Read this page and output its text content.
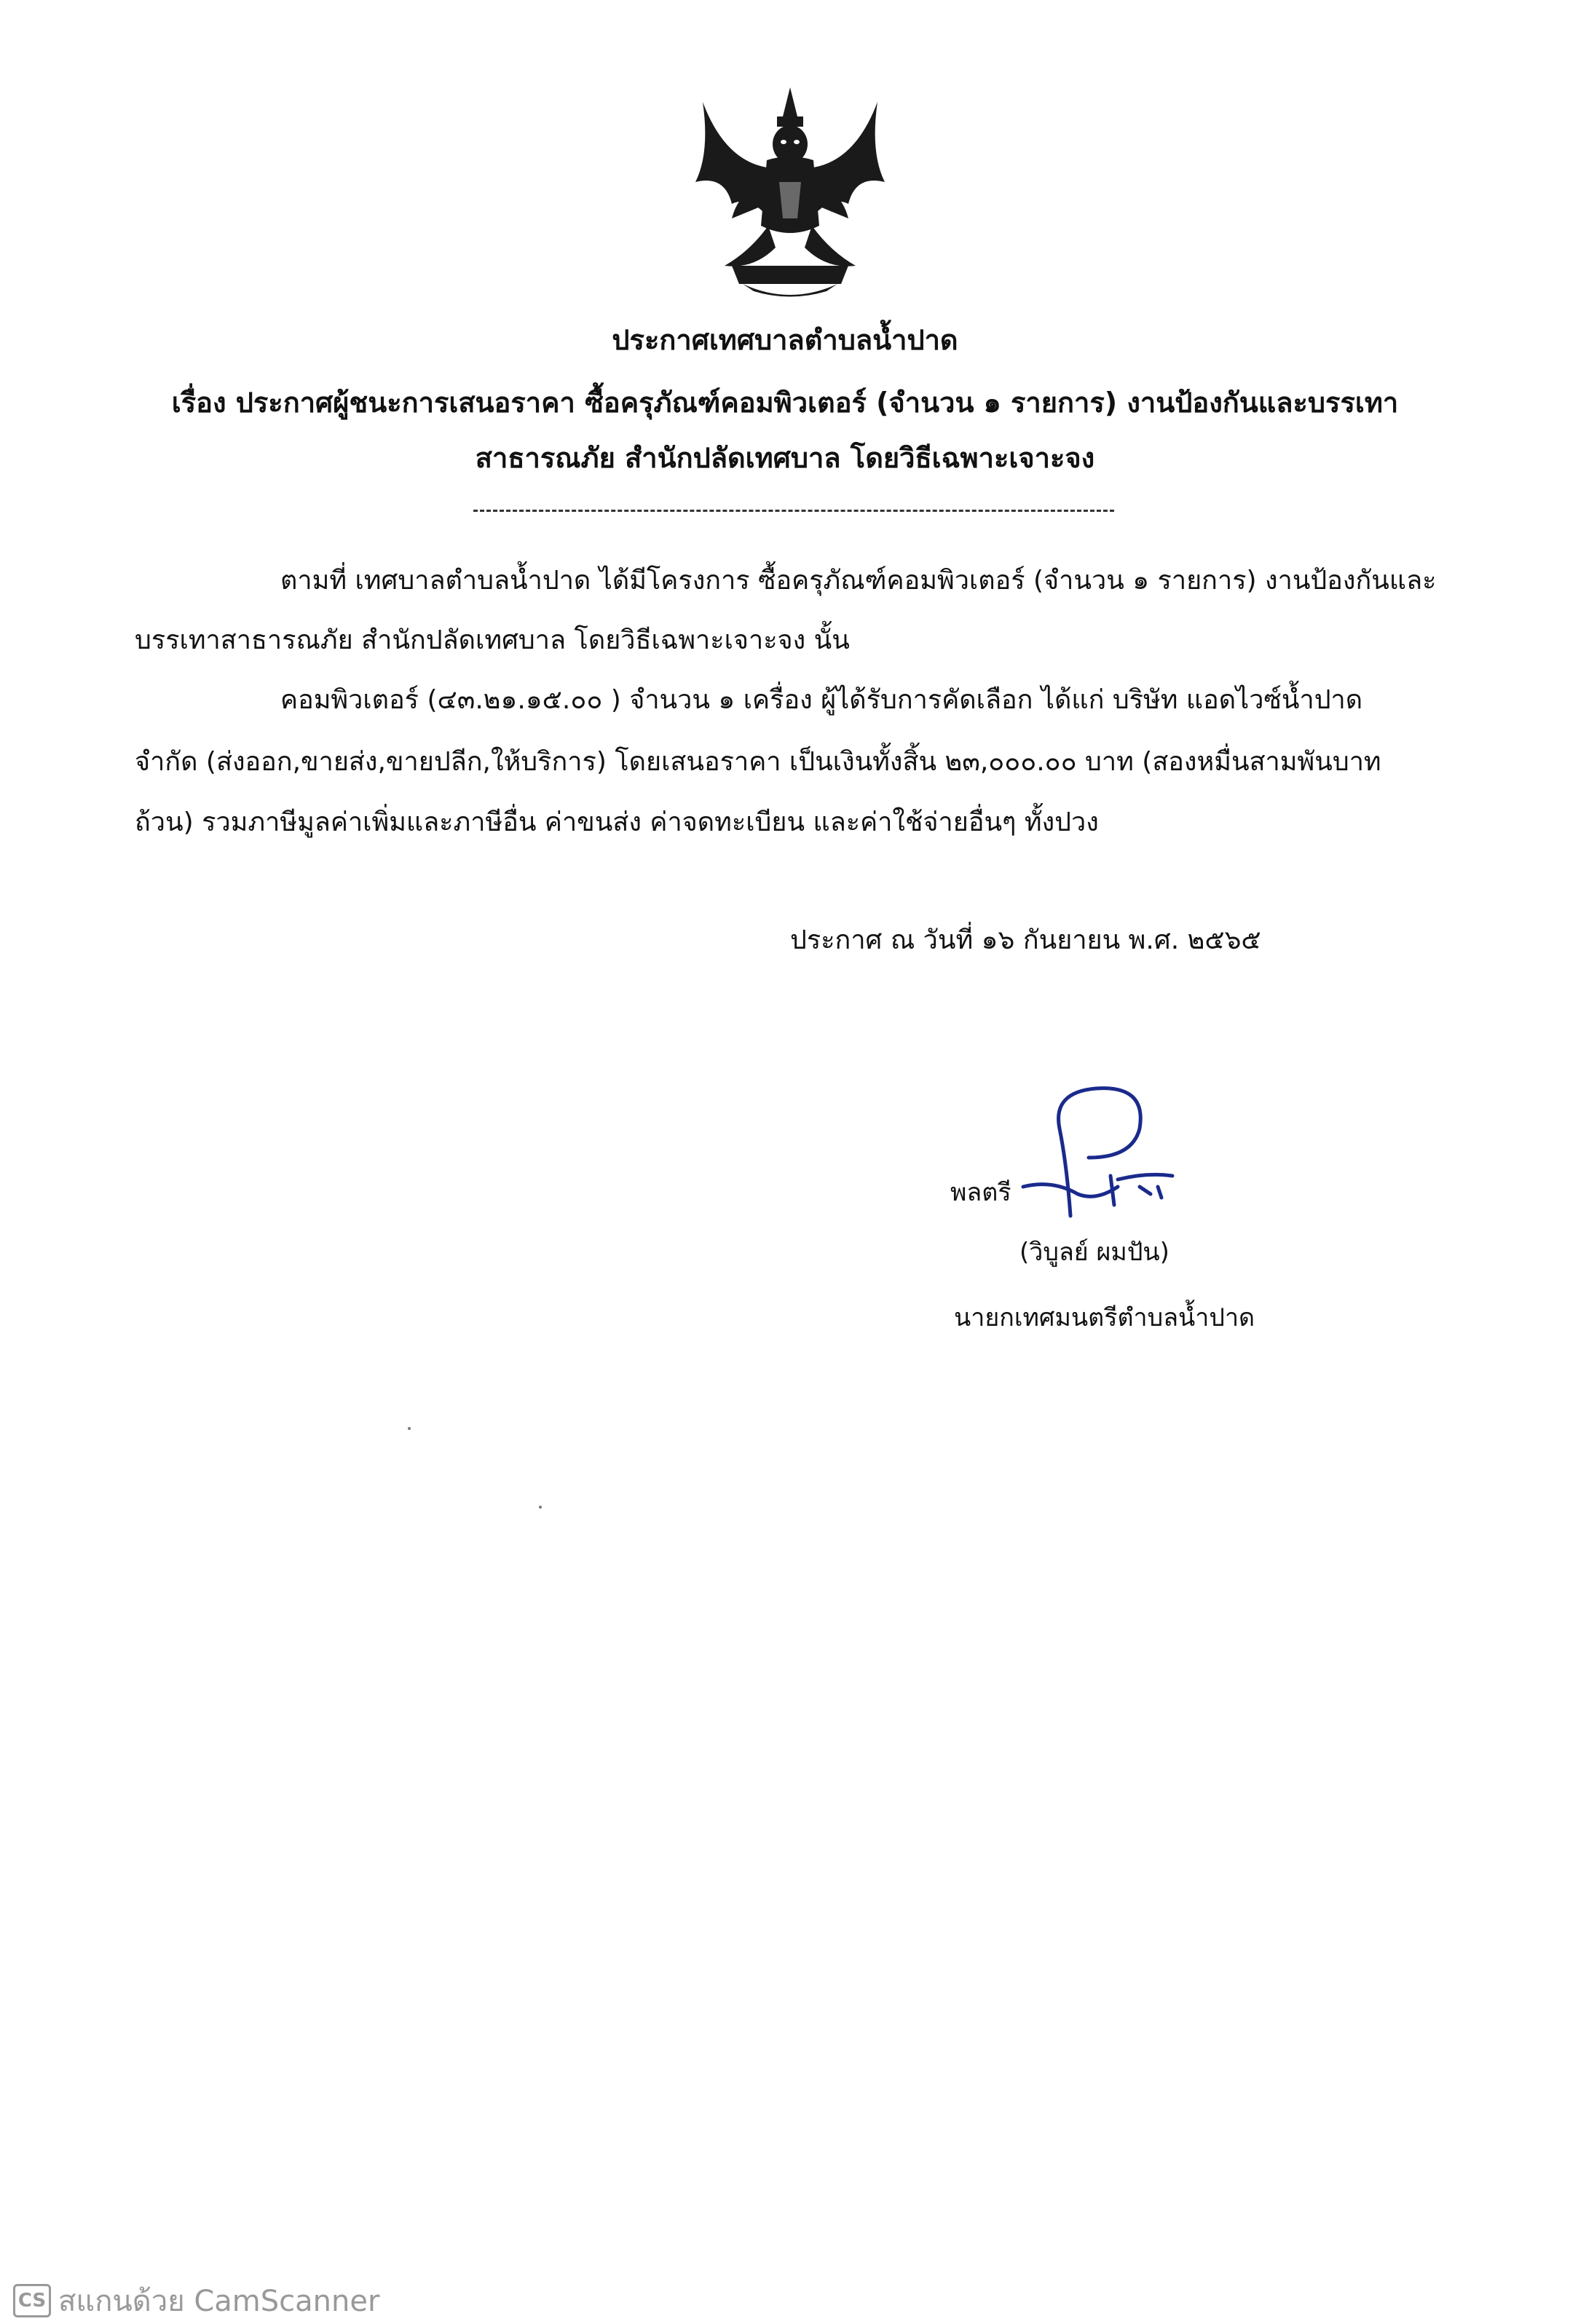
ประกาศเทศบาลตำบลน้ำปาด
เรื่อง ประกาศผู้ชนะการเสนอราคา ซื้อครุภัณฑ์คอมพิวเตอร์ (จำนวน ๑ รายการ) งานป้องกันและบรรเทา
สาธารณภัย สำนักปลัดเทศบาล โดยวิธีเฉพาะเจาะจง
ตามที่ เทศบาลตำบลน้ำปาด ได้มีโครงการ ซื้อครุภัณฑ์คอมพิวเตอร์ (จำนวน ๑ รายการ) งานป้องกันและ
บรรเทาสาธารณภัย สำนักปลัดเทศบาล โดยวิธีเฉพาะเจาะจง นั้น
คอมพิวเตอร์ (๔๓.๒๑.๑๕.๐๐ ) จำนวน ๑ เครื่อง ผู้ได้รับการคัดเลือก ได้แก่ บริษัท แอดไวซ์น้ำปาด
จำกัด (ส่งออก,ขายส่ง,ขายปลีก,ให้บริการ) โดยเสนอราคา เป็นเงินทั้งสิ้น ๒๓,๐๐๐.๐๐ บาท (สองหมื่นสามพันบาท
ถ้วน) รวมภาษีมูลค่าเพิ่มและภาษีอื่น ค่าขนส่ง ค่าจดทะเบียน และค่าใช้จ่ายอื่นๆ ทั้งปวง
ประกาศ ณ วันที่ ๑๖ กันยายน พ.ศ. ๒๕๖๕
พลตรี
(วิบูลย์ ผมปัน)
นายกเทศมนตรีตำบลน้ำปาด
CS สแกนด้วย CamScanner
